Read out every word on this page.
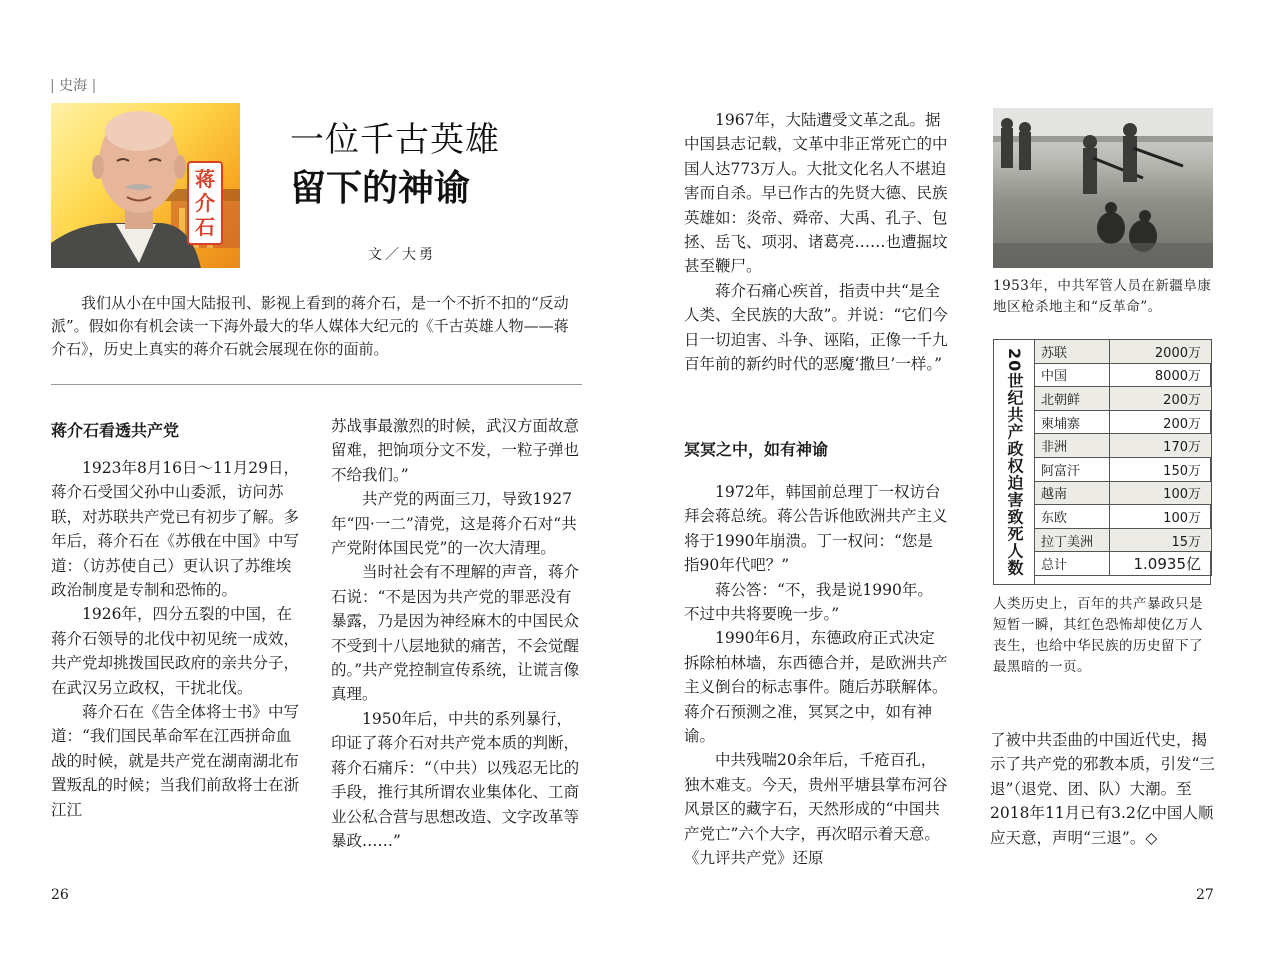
| 史海 |
蒋介石
一位千古英雄
留下的神谕
文／大勇

我们从小在中国大陆报刊、影视上看到的蒋介石，是一个不折不扣的“反动派”。假如你有机会读一下海外最大的华人媒体大纪元的《千古英雄人物——蒋介石》，历史上真实的蒋介石就会展现在你的面前。

蒋介石看透共产党

1923年8月16日～11月29日，蒋介石受国父孙中山委派，访问苏联，对苏联共产党已有初步了解。多年后，蒋介石在《苏俄在中国》中写道：（访苏使自己）更认识了苏维埃政治制度是专制和恐怖的。

1926年，四分五裂的中国，在蒋介石领导的北伐中初见统一成效，共产党却挑拨国民政府的亲共分子，在武汉另立政权，干扰北伐。

蒋介石在《告全体将士书》中写道：“我们国民革命军在江西拼命血战的时候，就是共产党在湖南湖北布置叛乱的时候；当我们前敌将士在浙江江

苏战事最激烈的时候，武汉方面故意留难，把饷项分文不发，一粒子弹也不给我们。”

共产党的两面三刀，导致1927年“四·一二”清党，这是蒋介石对“共产党附体国民党”的一次大清理。

当时社会有不理解的声音，蒋介石说：“不是因为共产党的罪恶没有暴露，乃是因为神经麻木的中国民众不受到十八层地狱的痛苦，不会觉醒的。”共产党控制宣传系统，让谎言像真理。

1950年后，中共的系列暴行，印证了蒋介石对共产党本质的判断，蒋介石痛斥：“（中共）以残忍无比的手段，推行其所谓农业集体化、工商业公私合营与思想改造、文字改革等暴政……”

26

1967年，大陆遭受文革之乱。据中国县志记载，文革中非正常死亡的中国人达773万人。大批文化名人不堪迫害而自杀。早已作古的先贤大德、民族英雄如：炎帝、舜帝、大禹、孔子、包拯、岳飞、项羽、诸葛亮……也遭掘坟甚至鞭尸。

蒋介石痛心疾首，指责中共“是全人类、全民族的大敌”。并说：“它们今日一切迫害、斗争、诬陷，正像一千九百年前的新约时代的恶魔‘撒旦’一样。”

冥冥之中，如有神谕

1972年，韩国前总理丁一权访台拜会蒋总统。蒋公告诉他欧洲共产主义将于1990年崩溃。丁一权问：“您是指90年代吧？”

蒋公答：“不，我是说1990年。不过中共将要晚一步。”

1990年6月，东德政府正式决定拆除柏林墙，东西德合并，是欧洲共产主义倒台的标志事件。随后苏联解体。蒋介石预测之准，冥冥之中，如有神谕。

中共残喘20余年后，千疮百孔，独木难支。今天，贵州平塘县掌布河谷风景区的藏字石，天然形成的“中国共产党亡”六个大字，再次昭示着天意。《九评共产党》还原

1953年，中共军管人员在新疆阜康地区枪杀地主和“反革命”。
20世纪共产政权迫害致死人数	苏联	2000万
中国	8000万
北朝鲜	200万
柬埔寨	200万
非洲	170万
阿富汗	150万
越南	100万
东欧	100万
拉丁美洲	15万
总计	1.0935亿
人类历史上，百年的共产暴政只是短暂一瞬，其红色恐怖却使亿万人丧生，也给中华民族的历史留下了最黑暗的一页。

了被中共歪曲的中国近代史，揭示了共产党的邪教本质，引发“三退”（退党、团、队）大潮。至2018年11月已有3.2亿中国人顺应天意，声明“三退”。◇

27
